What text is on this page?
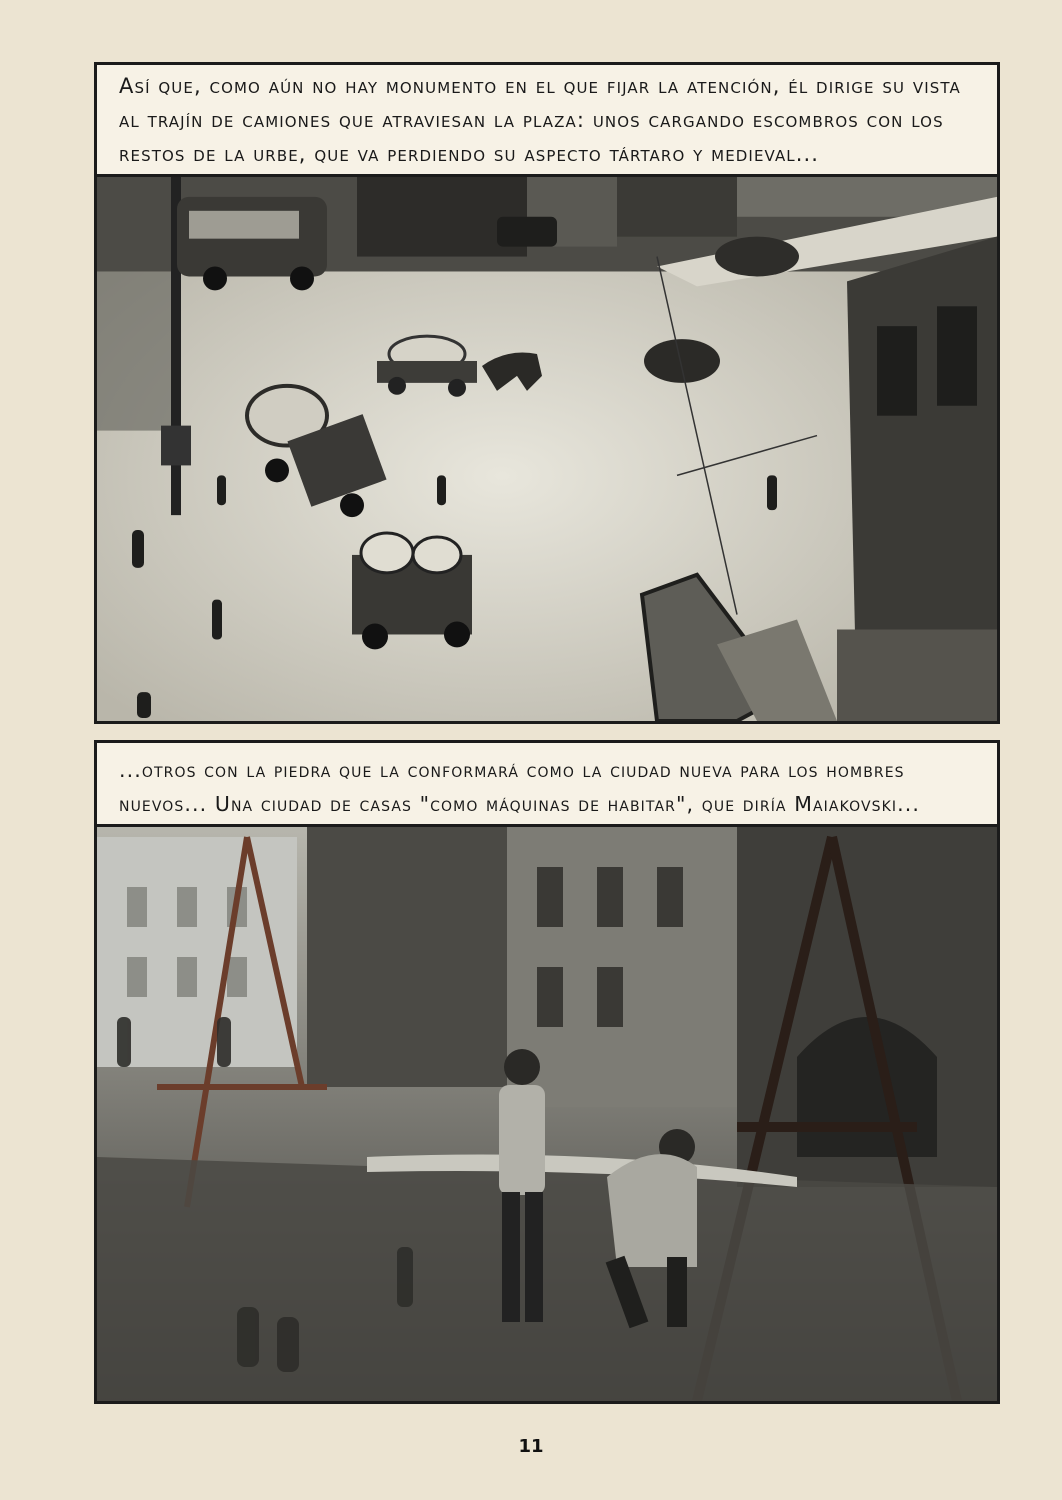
Así que, como aún no hay monumento en el que fijar la atención, él dirige su vista al trajín de camiones que atraviesan la plaza: unos cargando escombros con los restos de la urbe, que va perdiendo su aspecto tártaro y medieval...
...otros con la piedra que la conformará como la ciudad nueva para los hombres nuevos... Una ciudad de casas "como máquinas de habitar", que diría Maiakovski...
11
